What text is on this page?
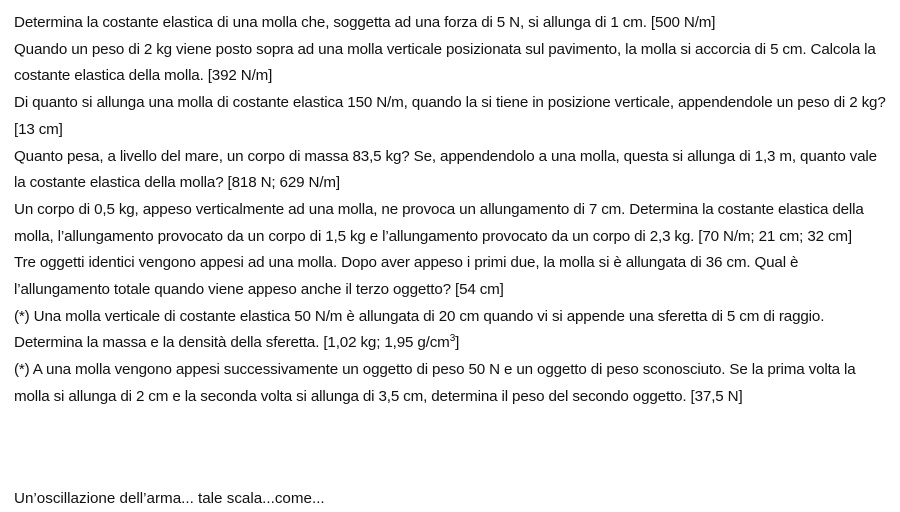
Determina la costante elastica di una molla che, soggetta ad una forza di 5 N, si allunga di 1 cm. [500 N/m]

Quando un peso di 2 kg viene posto sopra ad una molla verticale posizionata sul pavimento, la molla si accorcia di 5 cm. Calcola la costante elastica della molla. [392 N/m]

Di quanto si allunga una molla di costante elastica 150 N/m, quando la si tiene in posizione verticale, appendendole un peso di 2 kg? [13 cm]

Quanto pesa, a livello del mare, un corpo di massa 83,5 kg? Se, appendendolo a una molla, questa si allunga di 1,3 m, quanto vale la costante elastica della molla? [818 N; 629 N/m]

Un corpo di 0,5 kg, appeso verticalmente ad una molla, ne provoca un allungamento di 7 cm. Determina la costante elastica della molla, l’allungamento provocato da un corpo di 1,5 kg e l’allungamento provocato da un corpo di 2,3 kg. [70 N/m; 21 cm; 32 cm]

Tre oggetti identici vengono appesi ad una molla. Dopo aver appeso i primi due, la molla si è allungata di 36 cm. Qual è l’allungamento totale quando viene appeso anche il terzo oggetto? [54 cm]

(*) Una molla verticale di costante elastica 50 N/m è allungata di 20 cm quando vi si appende una sferetta di 5 cm di raggio. Determina la massa e la densità della sferetta. [1,02 kg; 1,95 $g/cm^3$]

(*) A una molla vengono appesi successivamente un oggetto di peso 50 N e un oggetto di peso sconosciuto. Se la prima volta la molla si allunga di 2 cm e la seconda volta si allunga di 3,5 cm, determina il peso del secondo oggetto. [37,5 N]

Un’oscillazione dell’arma... tale scala...come...
